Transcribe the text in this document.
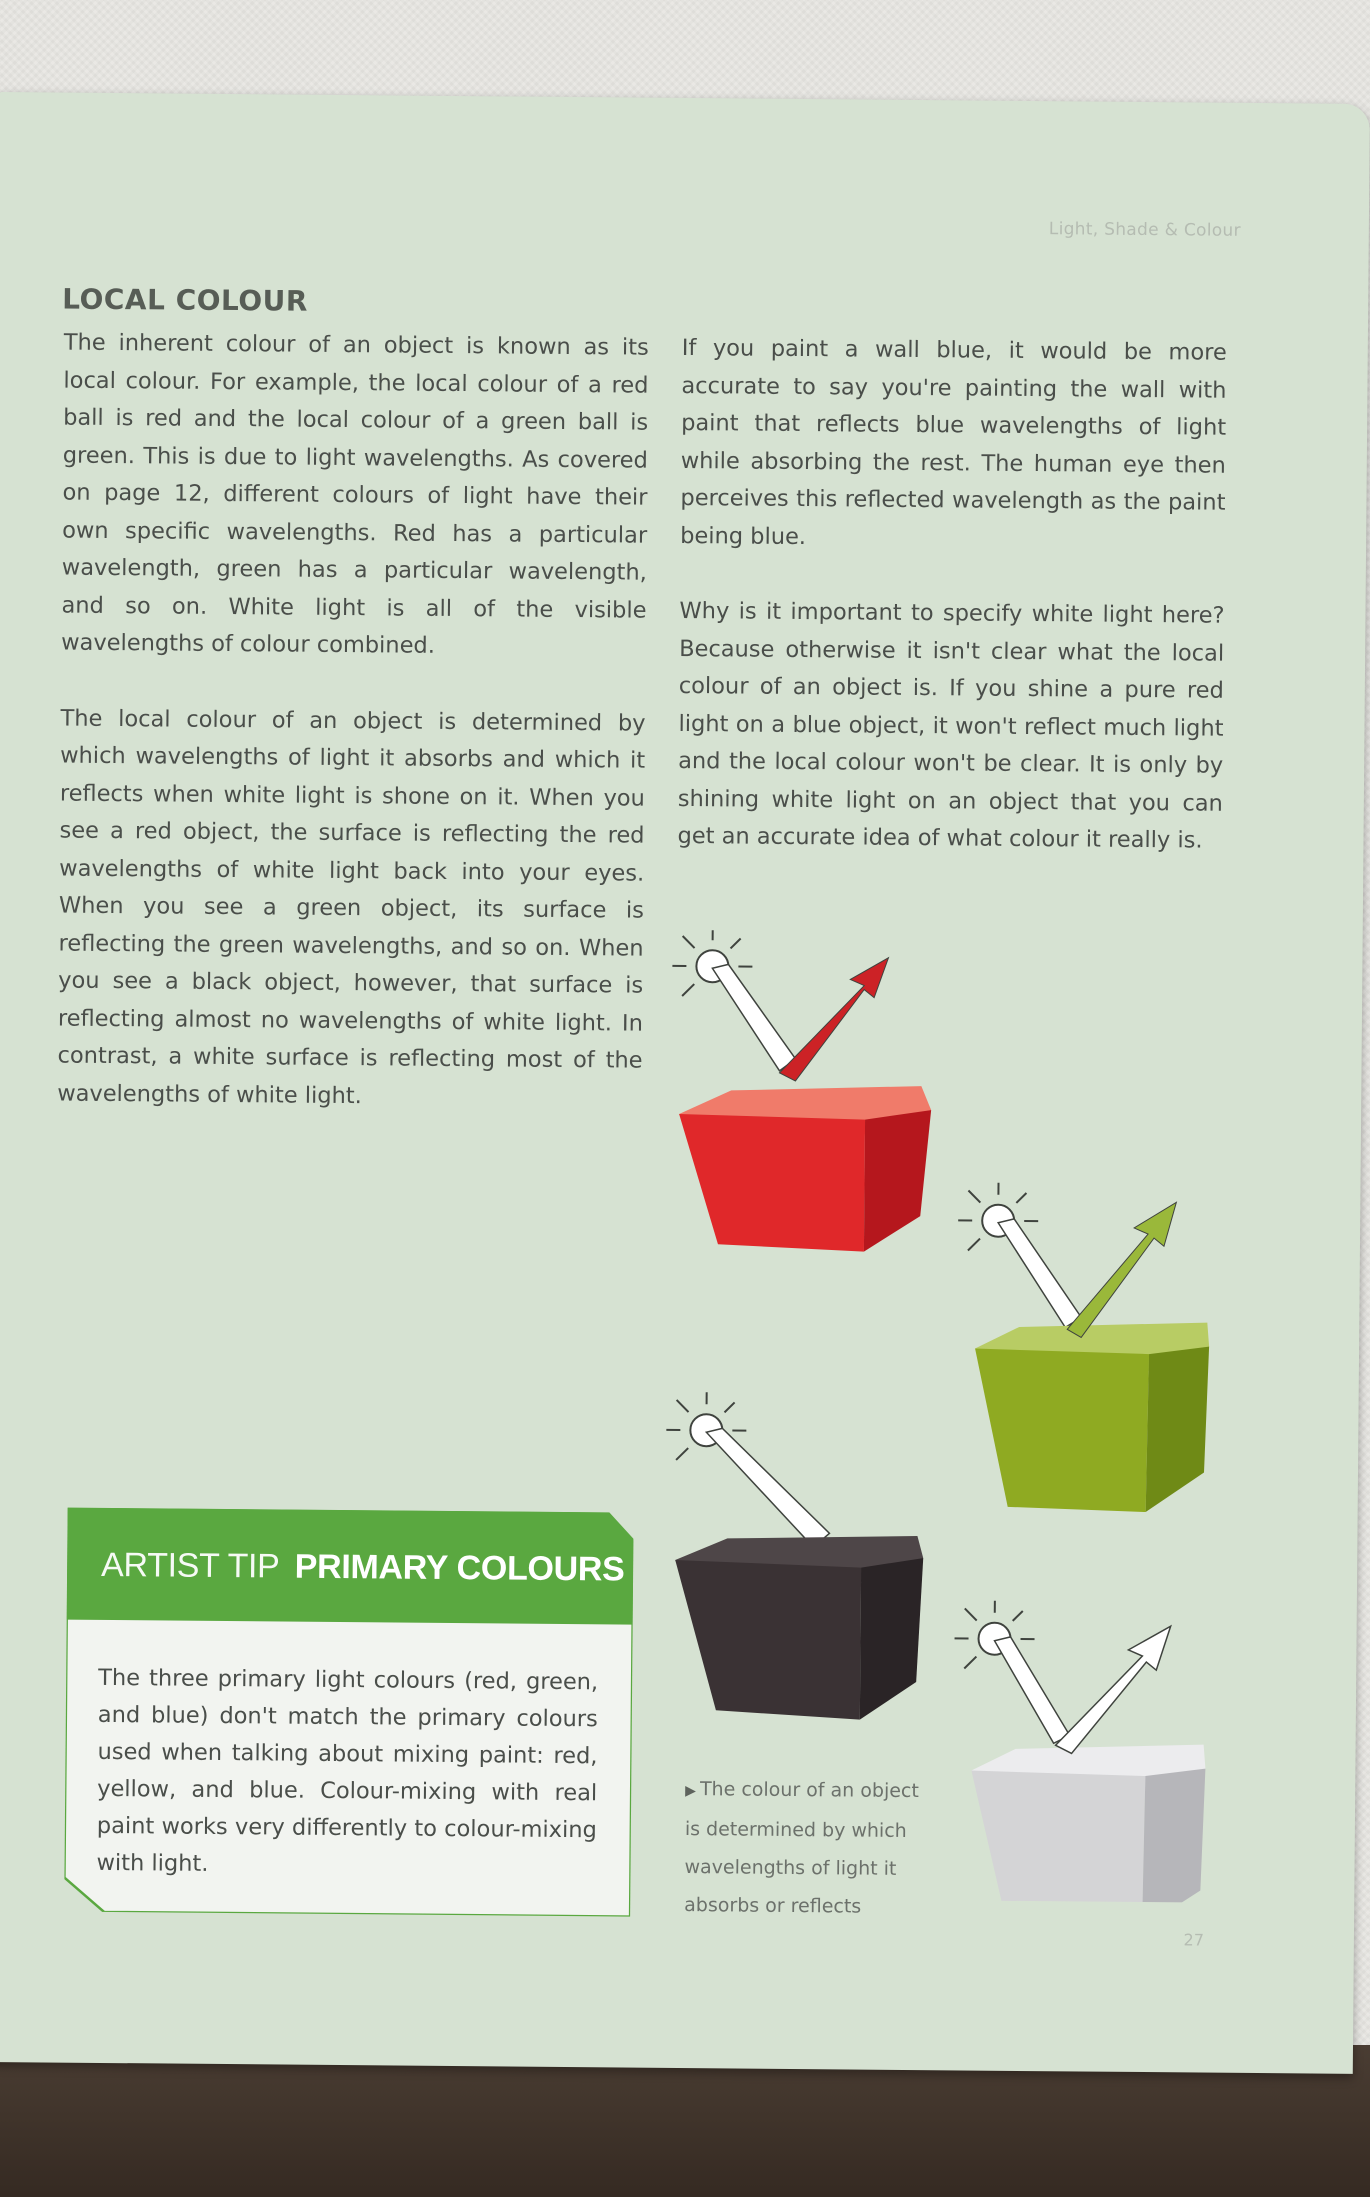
Light, Shade & Colour
LOCAL COLOUR

The inherent colour of an object is known as its local colour. For example, the local colour of a red ball is red and the local colour of a green ball is green. This is due to light wavelengths. As covered on page 12, different colours of light have their own specific wavelengths. Red has a particular wavelength, green has a particular wavelength, and so on. White light is all of the visible wavelengths of colour combined.

The local colour of an object is determined by which wavelengths of light it absorbs and which it reflects when white light is shone on it. When you see a red object, the surface is reflecting the red wavelengths of white light back into your eyes. When you see a green object, its surface is reflecting the green wavelengths, and so on. When you see a black object, however, that surface is reflecting almost no wavelengths of white light. In contrast, a white surface is reflecting most of the wavelengths of white light.

If you paint a wall blue, it would be more accurate to say you're painting the wall with paint that reflects blue wavelengths of light while absorbing the rest. The human eye then perceives this reflected wavelength as the paint being blue.

Why is it important to specify white light here? Because otherwise it isn't clear what the local colour of an object is. If you shine a pure red light on a blue object, it won't reflect much light and the local colour won't be clear. It is only by shining white light on an object that you can get an accurate idea of what colour it really is.

ARTIST TIP PRIMARY COLOURS

The three primary light colours (red, green, and blue) don't match the primary colours used when talking about mixing paint: red, yellow, and blue. Colour-mixing with real paint works very differently to colour-mixing with light.

▶ The colour of an object is determined by which wavelengths of light it absorbs or reflects

27
